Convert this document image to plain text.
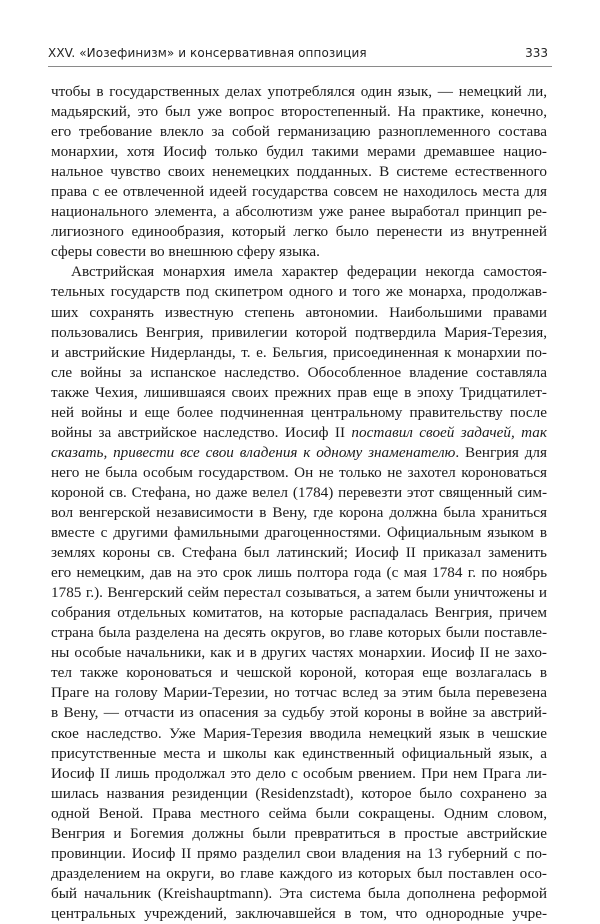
XXV. «Иозефинизм» и консервативная оппозиция	333
чтобы в государственных делах употреблялся один язык, — немецкий ли,
мадьярский, это был уже вопрос второстепенный. На практике, конечно,
его требование влекло за собой германизацию разноплеменного состава
монархии, хотя Иосиф только будил такими мерами дремавшее нацио-
нальное чувство своих ненемецких подданных. В системе естественного
права с ее отвлеченной идеей государства совсем не находилось места для
национального элемента, а абсолютизм уже ранее выработал принцип ре-
лигиозного единообразия, который легко было перенести из внутренней
сферы совести во внешнюю сферу языка.
Австрийская монархия имела характер федерации некогда самостоя-
тельных государств под скипетром одного и того же монарха, продолжав-
ших сохранять известную степень автономии. Наибольшими правами
пользовались Венгрия, привилегии которой подтвердила Мария-Терезия,
и австрийские Нидерланды, т. е. Бельгия, присоединенная к монархии по-
сле войны за испанское наследство. Обособленное владение составляла
также Чехия, лишившаяся своих прежних прав еще в эпоху Тридцатилет-
ней войны и еще более подчиненная центральному правительству после
войны за австрийское наследство. Иосиф II поставил своей задачей, так
сказать, привести все свои владения к одному знаменателю. Венгрия для
него не была особым государством. Он не только не захотел короноваться
короной св. Стефана, но даже велел (1784) перевезти этот священный сим-
вол венгерской независимости в Вену, где корона должна была храниться
вместе с другими фамильными драгоценностями. Официальным языком в
землях короны св. Стефана был латинский; Иосиф II приказал заменить
его немецким, дав на это срок лишь полтора года (с мая 1784 г. по ноябрь
1785 г.). Венгерский сейм перестал созываться, а затем были уничтожены и
собрания отдельных комитатов, на которые распадалась Венгрия, причем
страна была разделена на десять округов, во главе которых были поставле-
ны особые начальники, как и в других частях монархии. Иосиф II не захо-
тел также короноваться и чешской короной, которая еще возлагалась в
Праге на голову Марии-Терезии, но тотчас вслед за этим была перевезена
в Вену, — отчасти из опасения за судьбу этой короны в войне за австрий-
ское наследство. Уже Мария-Терезия вводила немецкий язык в чешские
присутственные места и школы как единственный официальный язык, а
Иосиф II лишь продолжал это дело с особым рвением. При нем Прага ли-
шилась названия резиденции (Residenzstadt), которое было сохранено за
одной Веной. Права местного сейма были сокращены. Одним словом,
Венгрия и Богемия должны были превратиться в простые австрийские
провинции. Иосиф II прямо разделил свои владения на 13 губерний с по-
дразделением на округи, во главе каждого из которых был поставлен осо-
бый начальник (Kreishauptmann). Эта система была дополнена реформой
центральных учреждений, заключавшейся в том, что однородные учре-
